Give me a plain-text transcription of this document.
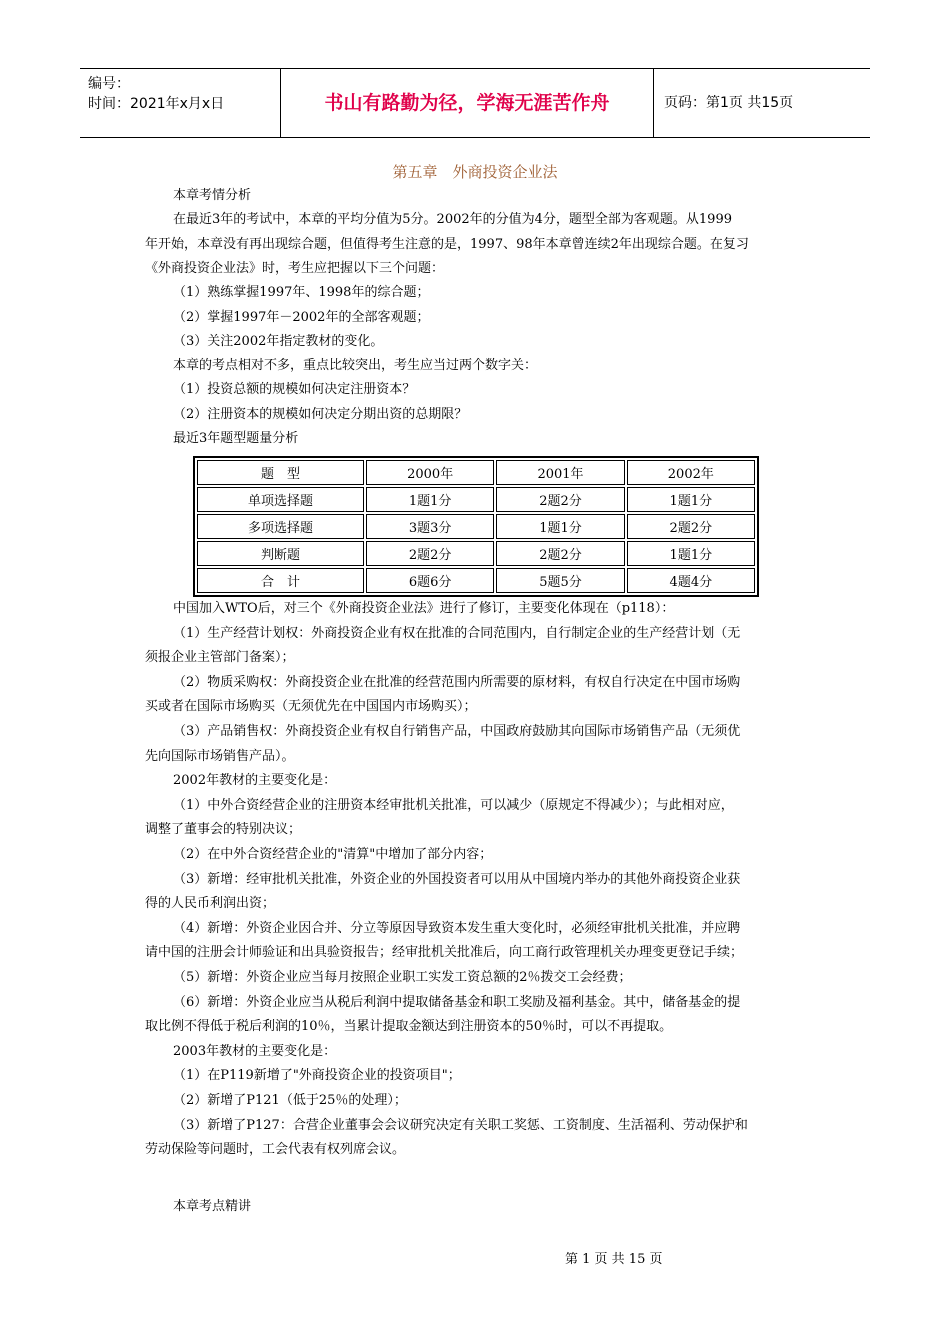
编号：
时间：2021年x月x日	书山有路勤为径，学海无涯苦作舟	页码：第1页 共15页
第五章　外商投资企业法
本章考情分析
在最近3年的考试中，本章的平均分值为5分。2002年的分值为4分，题型全部为客观题。从1999
年开始，本章没有再出现综合题，但值得考生注意的是，1997、98年本章曾连续2年出现综合题。在复习
《外商投资企业法》时，考生应把握以下三个问题：
（1）熟练掌握1997年、1998年的综合题；
（2）掌握1997年－2002年的全部客观题；
（3）关注2002年指定教材的变化。
本章的考点相对不多，重点比较突出，考生应当过两个数字关：
（1）投资总额的规模如何决定注册资本？
（2）注册资本的规模如何决定分期出资的总期限？
最近3年题型题量分析
题　型	2000年	2001年	2002年
单项选择题	1题1分	2题2分	1题1分
多项选择题	3题3分	1题1分	2题2分
判断题	2题2分	2题2分	1题1分
合　计	6题6分	5题5分	4题4分
中国加入WTO后，对三个《外商投资企业法》进行了修订，主要变化体现在（p118）：
（1）生产经营计划权：外商投资企业有权在批准的合同范围内，自行制定企业的生产经营计划（无
须报企业主管部门备案）；
（2）物质采购权：外商投资企业在批准的经营范围内所需要的原材料，有权自行决定在中国市场购
买或者在国际市场购买（无须优先在中国国内市场购买）；
（3）产品销售权：外商投资企业有权自行销售产品，中国政府鼓励其向国际市场销售产品（无须优
先向国际市场销售产品）。
2002年教材的主要变化是：
（1）中外合资经营企业的注册资本经审批机关批准，可以减少（原规定不得减少）；与此相对应，
调整了董事会的特别决议；
（2）在中外合资经营企业的"清算"中增加了部分内容；
（3）新增：经审批机关批准，外资企业的外国投资者可以用从中国境内举办的其他外商投资企业获
得的人民币利润出资；
（4）新增：外资企业因合并、分立等原因导致资本发生重大变化时，必须经审批机关批准，并应聘
请中国的注册会计师验证和出具验资报告；经审批机关批准后，向工商行政管理机关办理变更登记手续；
（5）新增：外资企业应当每月按照企业职工实发工资总额的2％拨交工会经费；
（6）新增：外资企业应当从税后利润中提取储备基金和职工奖励及福利基金。其中，储备基金的提
取比例不得低于税后利润的10％，当累计提取金额达到注册资本的50％时，可以不再提取。
2003年教材的主要变化是：
（1）在P119新增了"外商投资企业的投资项目"；
（2）新增了P121（低于25％的处理）；
（3）新增了P127：合营企业董事会会议研究决定有关职工奖惩、工资制度、生活福利、劳动保护和
劳动保险等问题时，工会代表有权列席会议。
本章考点精讲
第 1 页 共 15 页
